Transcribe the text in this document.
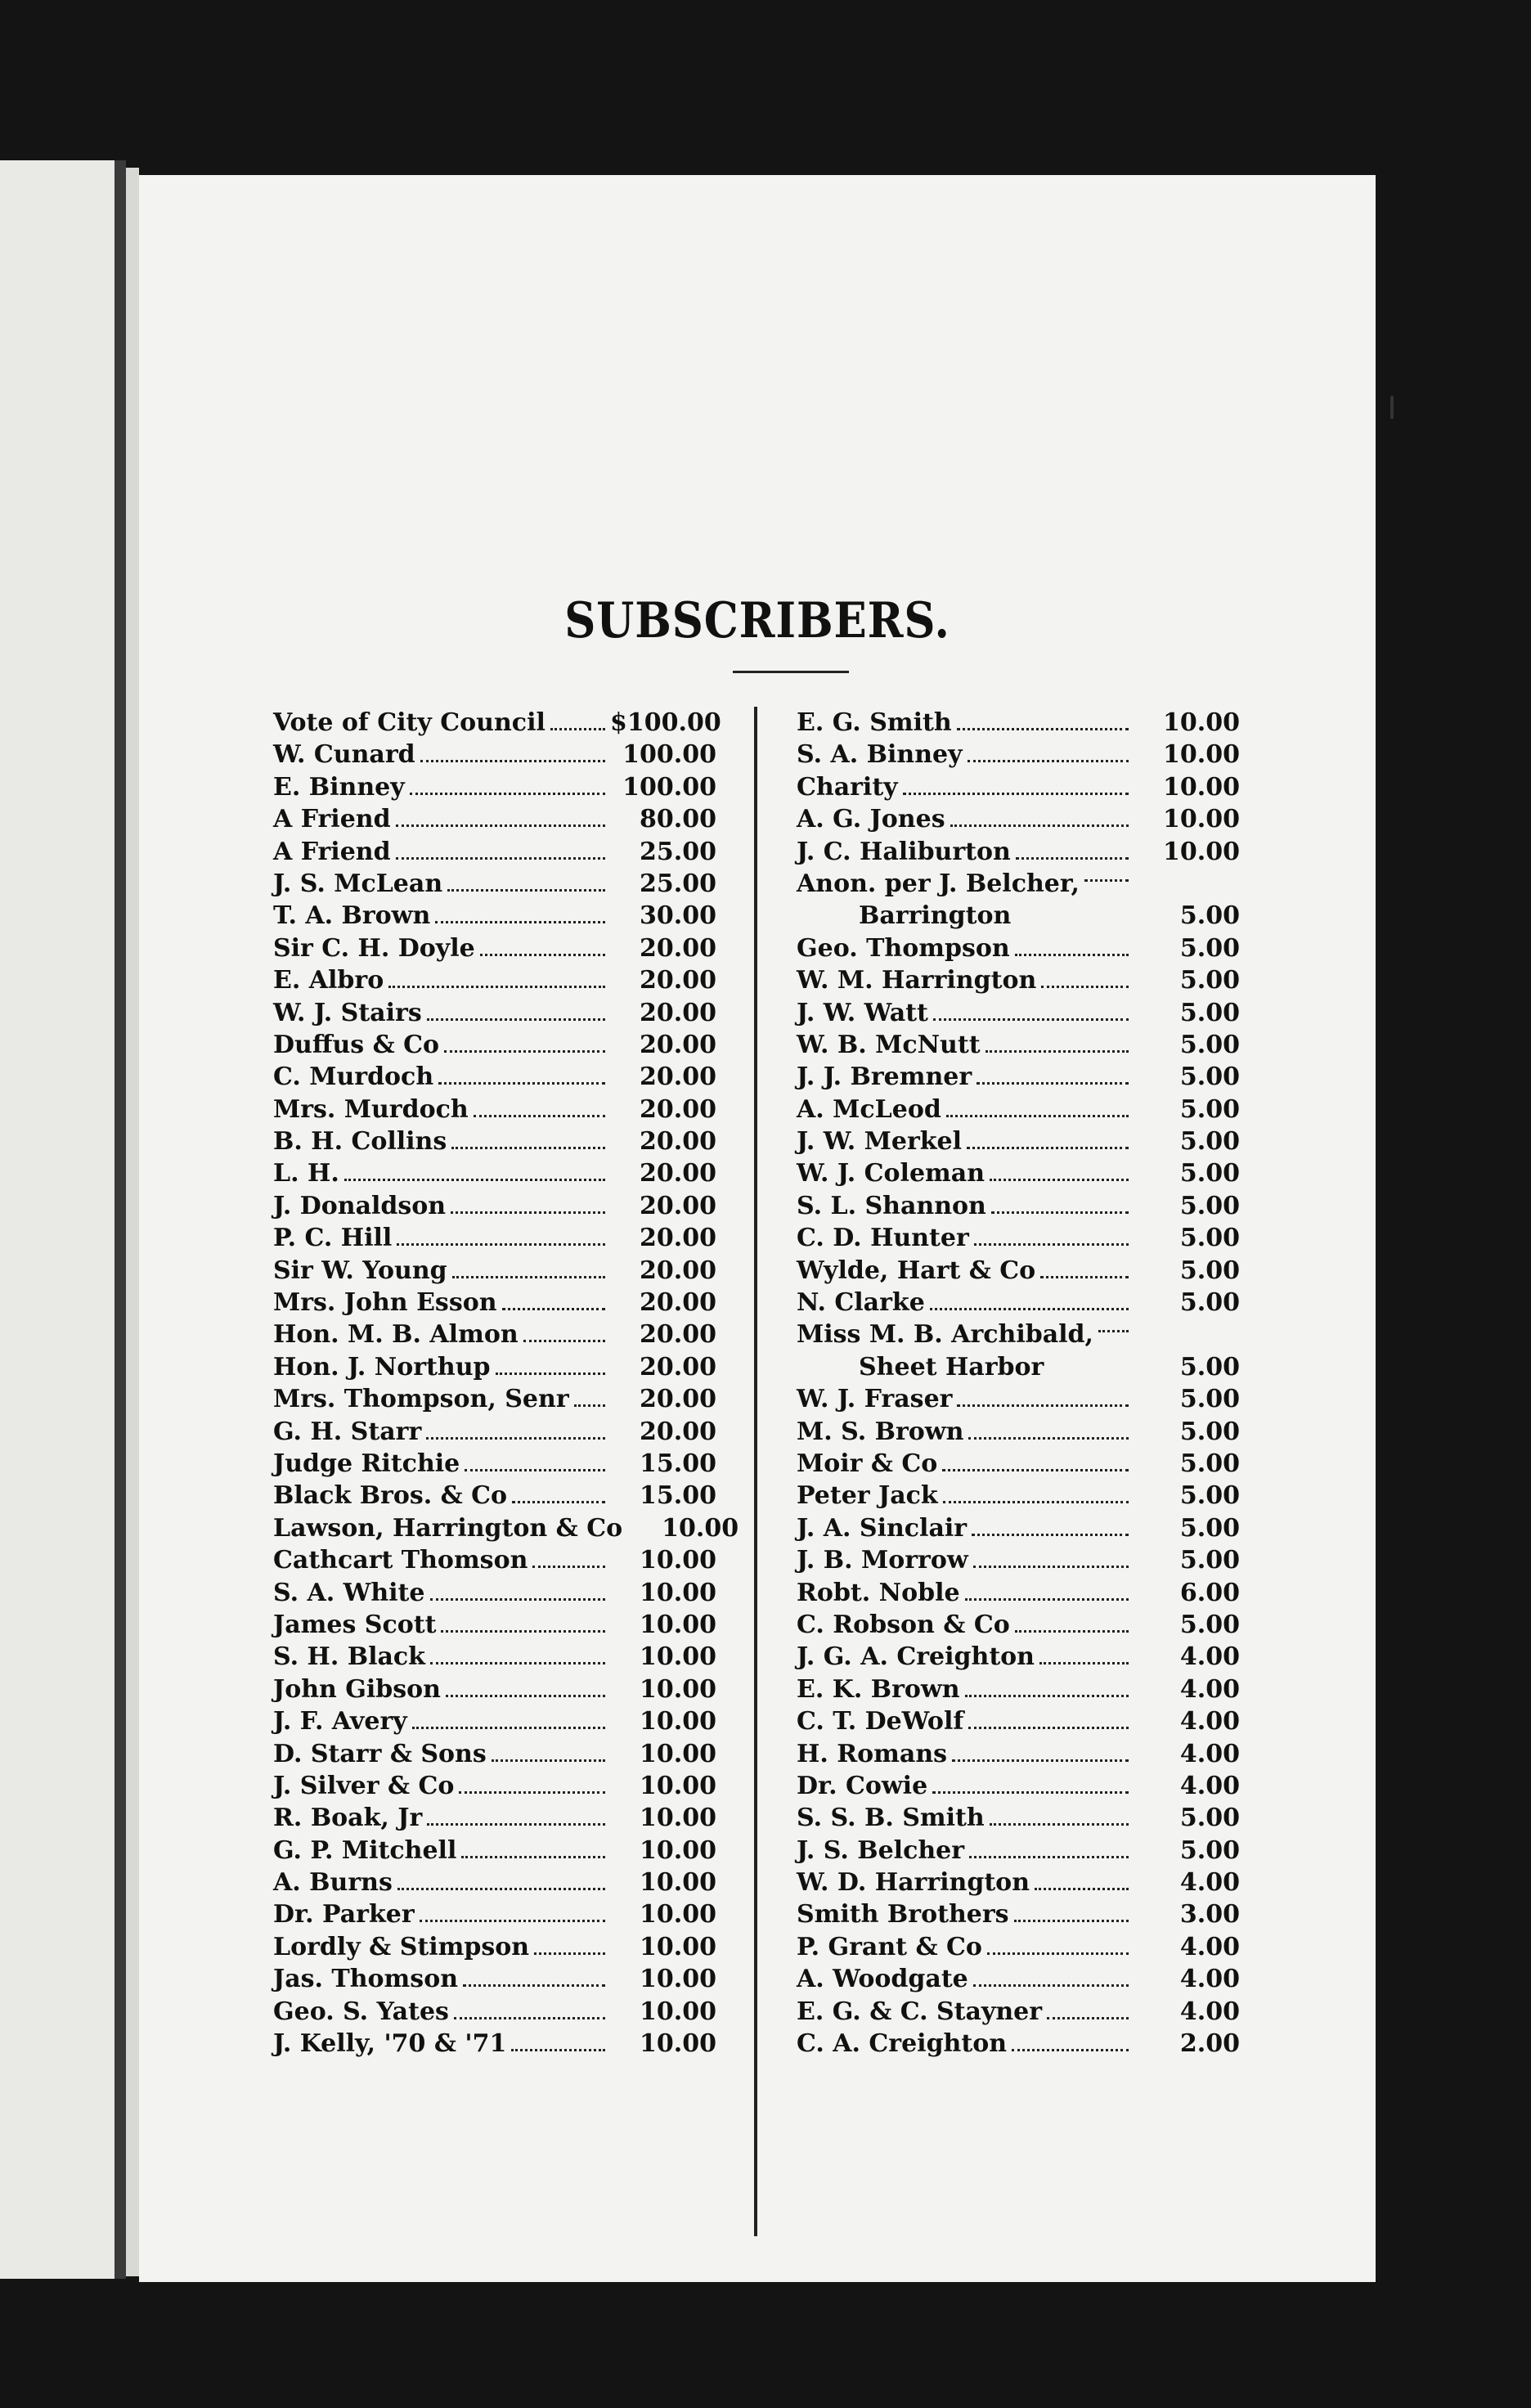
SUBSCRIBERS.
Vote of City Council	$100.00
W. Cunard	100.00
E. Binney	100.00
A Friend	80.00
A Friend	25.00
J. S. McLean	25.00
T. A. Brown	30.00
Sir C. H. Doyle	20.00
E. Albro	20.00
W. J. Stairs	20.00
Duffus & Co	20.00
C. Murdoch	20.00
Mrs. Murdoch	20.00
B. H. Collins	20.00
L. H.	20.00
J. Donaldson	20.00
P. C. Hill	20.00
Sir W. Young	20.00
Mrs. John Esson	20.00
Hon. M. B. Almon	20.00
Hon. J. Northup	20.00
Mrs. Thompson, Senr	20.00
G. H. Starr	20.00
Judge Ritchie	15.00
Black Bros. & Co	15.00
Lawson, Harrington & Co	10.00
Cathcart Thomson	10.00
S. A. White	10.00
James Scott	10.00
S. H. Black	10.00
John Gibson	10.00
J. F. Avery	10.00
D. Starr & Sons	10.00
J. Silver & Co	10.00
R. Boak, Jr	10.00
G. P. Mitchell	10.00
A. Burns	10.00
Dr. Parker	10.00
Lordly & Stimpson	10.00
Jas. Thomson	10.00
Geo. S. Yates	10.00
J. Kelly, '70 & '71	10.00
E. G. Smith	10.00
S. A. Binney	10.00
Charity	10.00
A. G. Jones	10.00
J. C. Haliburton	10.00
Anon. per J. Belcher,
Barrington	5.00
Geo. Thompson	5.00
W. M. Harrington	5.00
J. W. Watt	5.00
W. B. McNutt	5.00
J. J. Bremner	5.00
A. McLeod	5.00
J. W. Merkel	5.00
W. J. Coleman	5.00
S. L. Shannon	5.00
C. D. Hunter	5.00
Wylde, Hart & Co	5.00
N. Clarke	5.00
Miss M. B. Archibald,
Sheet Harbor	5.00
W. J. Fraser	5.00
M. S. Brown	5.00
Moir & Co	5.00
Peter Jack	5.00
J. A. Sinclair	5.00
J. B. Morrow	5.00
Robt. Noble	6.00
C. Robson & Co	5.00
J. G. A. Creighton	4.00
E. K. Brown	4.00
C. T. DeWolf	4.00
H. Romans	4.00
Dr. Cowie	4.00
S. S. B. Smith	5.00
J. S. Belcher	5.00
W. D. Harrington	4.00
Smith Brothers	3.00
P. Grant & Co	4.00
A. Woodgate	4.00
E. G. & C. Stayner	4.00
C. A. Creighton	2.00
